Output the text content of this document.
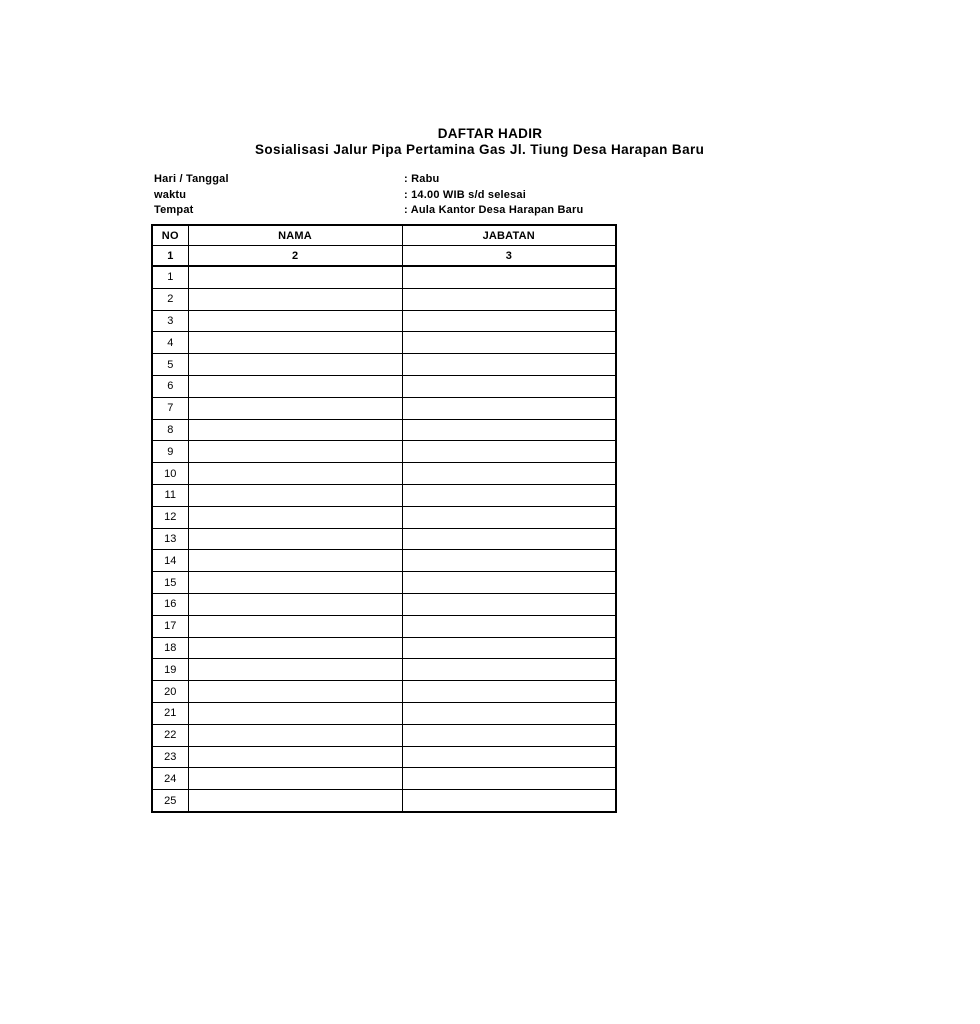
DAFTAR HADIR
Sosialisasi Jalur Pipa Pertamina Gas Jl. Tiung Desa Harapan Baru
Hari / Tanggal	: Rabu
waktu	: 14.00 WIB s/d selesai
Tempat	: Aula Kantor Desa Harapan Baru
NO	NAMA	JABATAN
1	2	3
1		
2		
3		
4		
5		
6		
7		
8		
9		
10		
11		
12		
13		
14		
15		
16		
17		
18		
19		
20		
21		
22		
23		
24		
25		
